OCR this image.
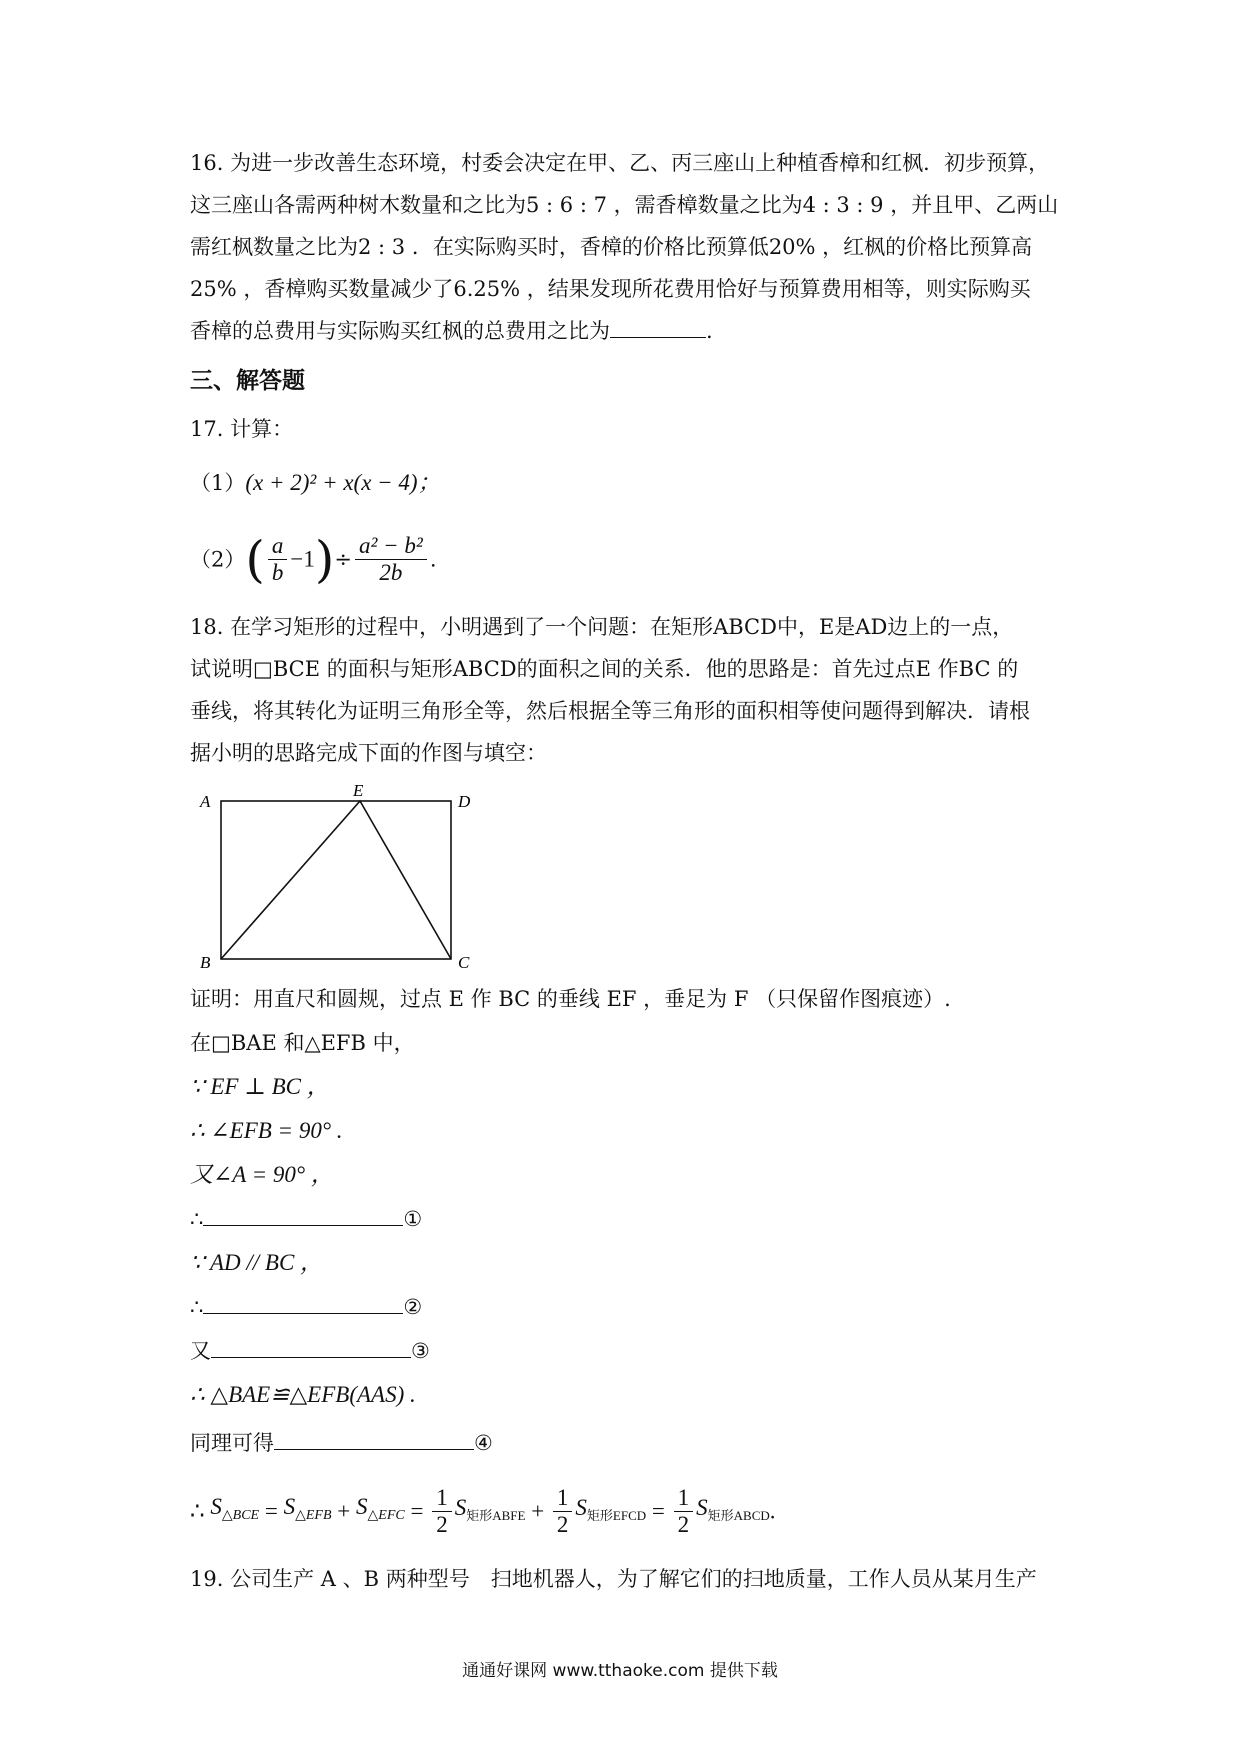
16. 为进一步改善生态环境，村委会决定在甲、乙、丙三座山上种植香樟和红枫．初步预算，
这三座山各需两种树木数量和之比为5 : 6 : 7 ，需香樟数量之比为4 : 3 : 9 ，并且甲、乙两山
需红枫数量之比为2 : 3 ．在实际购买时，香樟的价格比预算低20% ，红枫的价格比预算高
25% ，香樟购买数量减少了6.25% ，结果发现所花费用恰好与预算费用相等，则实际购买
香樟的总费用与实际购买红枫的总费用之比为	.
三、解答题
17. 计算：
（1）(x + 2)² + x(x − 4)；
$(2)( \frac{a}{b} -1)\div \frac{\text{a² − b²}}{2b}$ .
18. 在学习矩形的过程中，小明遇到了一个问题：在矩形ABCD中，E是AD边上的一点，
试说明□BCE 的面积与矩形ABCD的面积之间的关系．他的思路是：首先过点E 作BC 的
垂线，将其转化为证明三角形全等，然后根据全等三角形的面积相等使问题得到解决．请根
据小明的思路完成下面的作图与填空：
A
E
D
B	C
证明：用直尺和圆规，过点 E 作 BC 的垂线 EF ，垂足为 F （只保留作图痕迹）.
在□BAE 和△EFB 中，
∵ EF ⊥ BC ，
∴ ∠EFB = 90° .
又∠A = 90° ，
∴	①
∵ AD // BC ，
∴	②
又	③
∴ △BAE≌△EFB(AAS) .
同理可得	④
∴ $S_{\triangle BCE} = S_{\triangle EFB} + S_{\triangle EFC} = \frac{1}{2} S_{矩形ABFE} + \frac{1}{2} S_{矩形EFCD} = \frac{1}{2} S_{矩形ABCD}$.
19. 公司生产 A 、B 两种型号　扫地机器人，为了解它们的扫地质量，工作人员从某月生产
通通好课网 www.tthaoke.com 提供下载
